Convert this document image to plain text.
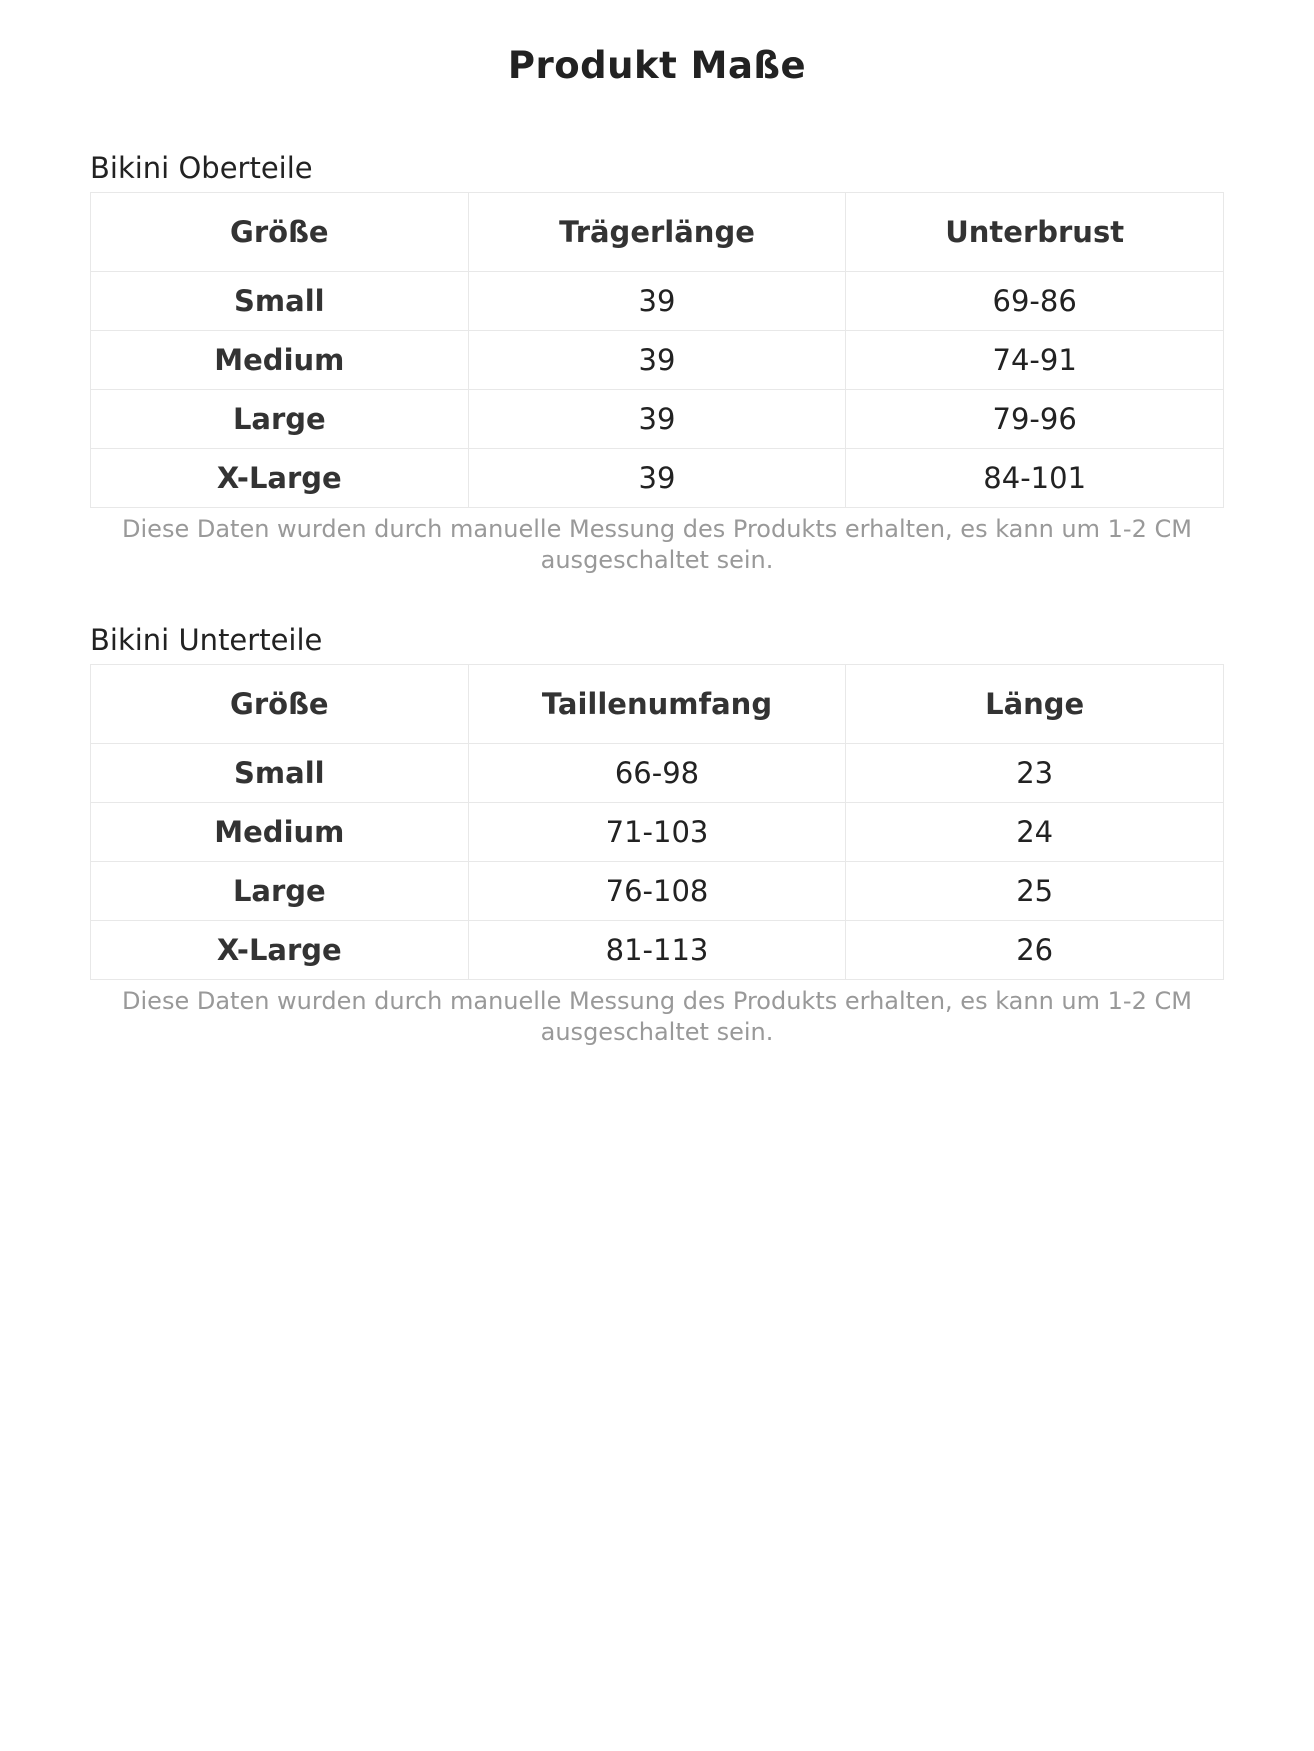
Produkt Maße
Bikini Oberteile
Größe	Trägerlänge	Unterbrust
Small	39	69-86
Medium	39	74-91
Large	39	79-96
X-Large	39	84-101
Diese Daten wurden durch manuelle Messung des Produkts erhalten, es kann um 1-2 CM
ausgeschaltet sein.
Bikini Unterteile
Größe	Taillenumfang	Länge
Small	66-98	23
Medium	71-103	24
Large	76-108	25
X-Large	81-113	26
Diese Daten wurden durch manuelle Messung des Produkts erhalten, es kann um 1-2 CM
ausgeschaltet sein.
